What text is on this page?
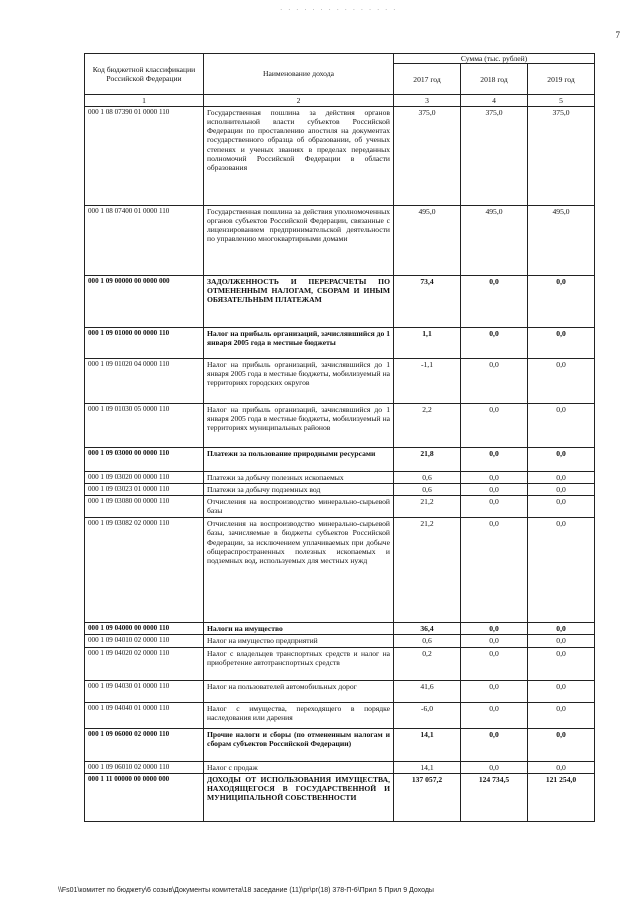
· · · · · · · · · · · · · · ·
7
Код бюджетной классификации Российской Федерации	Наименование дохода	Сумма (тыс. рублей)		
		2017 год	2018 год	2019 год
1	2	3	4	5
000 1 08 07390 01 0000 110	Государственная пошлина за действия органов исполнительной власти субъектов Российской Федерации по проставлению апостиля на документах государственного образца об образовании, об ученых степенях и ученых званиях в пределах переданных полномочий Российской Федерации в области образования	375,0	375,0	375,0
000 1 08 07400 01 0000 110	Государственная пошлина за действия уполномоченных органов субъектов Российской Федерации, связанные с лицензированием предпринимательской деятельности по управлению многоквартирными домами	495,0	495,0	495,0
000 1 09 00000 00 0000 000	ЗАДОЛЖЕННОСТЬ И ПЕРЕРАСЧЕТЫ ПО ОТМЕНЕННЫМ НАЛОГАМ, СБОРАМ И ИНЫМ ОБЯЗАТЕЛЬНЫМ ПЛАТЕЖАМ	73,4	0,0	0,0
000 1 09 01000 00 0000 110	Налог на прибыль организаций, зачислявшийся до 1 января 2005 года в местные бюджеты	1,1	0,0	0,0
000 1 09 01020 04 0000 110	Налог на прибыль организаций, зачислявшийся до 1 января 2005 года в местные бюджеты, мобилизуемый на территориях городских округов	-1,1	0,0	0,0
000 1 09 01030 05 0000 110	Налог на прибыль организаций, зачислявшийся до 1 января 2005 года в местные бюджеты, мобилизуемый на территориях муниципальных районов	2,2	0,0	0,0
000 1 09 03000 00 0000 110	Платежи за пользование природными ресурсами	21,8	0,0	0,0
000 1 09 03020 00 0000 110	Платежи за добычу полезных ископаемых	0,6	0,0	0,0
000 1 09 03023 01 0000 110	Платежи за добычу подземных вод	0,6	0,0	0,0
000 1 09 03080 00 0000 110	Отчисления на воспроизводство минерально-сырьевой базы	21,2	0,0	0,0
000 1 09 03082 02 0000 110	Отчисления на воспроизводство минерально-сырьевой базы, зачисляемые в бюджеты субъектов Российской Федерации, за исключением уплачиваемых при добыче общераспространенных полезных ископаемых и подземных вод, используемых для местных нужд	21,2	0,0	0,0
000 1 09 04000 00 0000 110	Налоги на имущество	36,4	0,0	0,0
000 1 09 04010 02 0000 110	Налог на имущество предприятий	0,6	0,0	0,0
000 1 09 04020 02 0000 110	Налог с владельцев транспортных средств и налог на приобретение автотранспортных средств	0,2	0,0	0,0
000 1 09 04030 01 0000 110	Налог на пользователей автомобильных дорог	41,6	0,0	0,0
000 1 09 04040 01 0000 110	Налог с имущества, переходящего в порядке наследования или дарения	-6,0	0,0	0,0
000 1 09 06000 02 0000 110	Прочие налоги и сборы (по отмененным налогам и сборам субъектов Российской Федерации)	14,1	0,0	0,0
000 1 09 06010 02 0000 110	Налог с продаж	14,1	0,0	0,0
000 1 11 00000 00 0000 000	ДОХОДЫ ОТ ИСПОЛЬЗОВАНИЯ ИМУЩЕСТВА, НАХОДЯЩЕГОСЯ В ГОСУДАРСТВЕННОЙ И МУНИЦИПАЛЬНОЙ СОБСТВЕННОСТИ	137 057,2	124 734,5	121 254,0
\\Fs01\комитет по бюджету\6 созыв\Документы комитета\18 заседание (11)\рг\рг(18) 378-П-6\Прил 5 Прил 9 Доходы
